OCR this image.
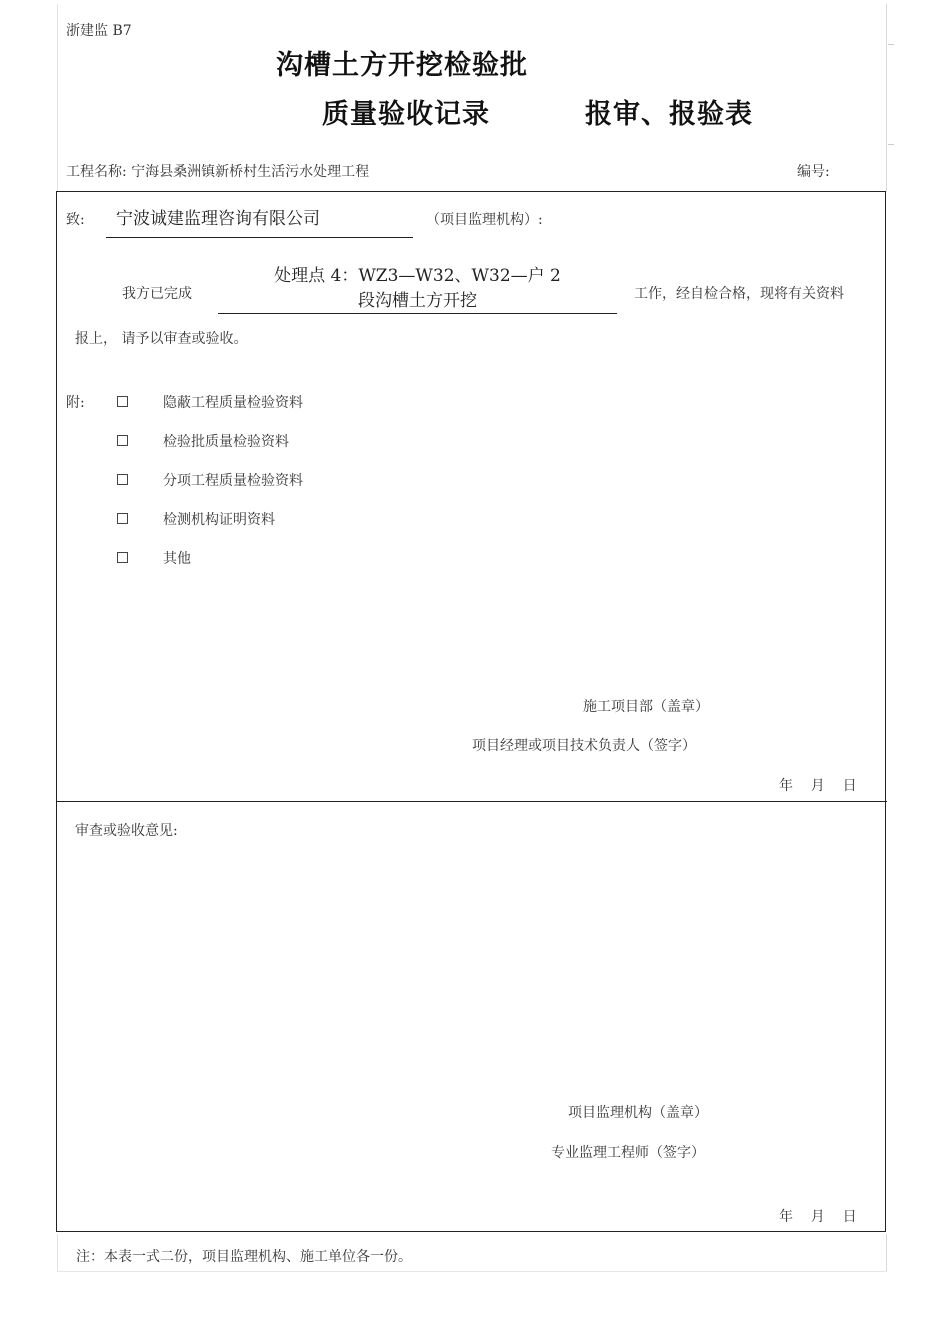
浙建监 B7
沟槽土方开挖检验批
质量验收记录	报审、报验表
工程名称: 宁海县桑洲镇新桥村生活污水处理工程	编号:
致: 宁波诚建监理咨询有限公司	（项目监理机构）:
我方已完成
处理点 4：WZ3—W32、W32—户 2
段沟槽土方开挖	工作，经自检合格，现将有关资料
报上， 请予以审查或验收。
附:	隐蔽工程质量检验资料
检验批质量检验资料
分项工程质量检验资料
检测机构证明资料
其他
施工项目部（盖章）
项目经理或项目技术负责人（签字）
年    月    日
审查或验收意见:
项目监理机构（盖章）
专业监理工程师（签字）
年    月    日
注：本表一式二份，项目监理机构、施工单位各一份。
